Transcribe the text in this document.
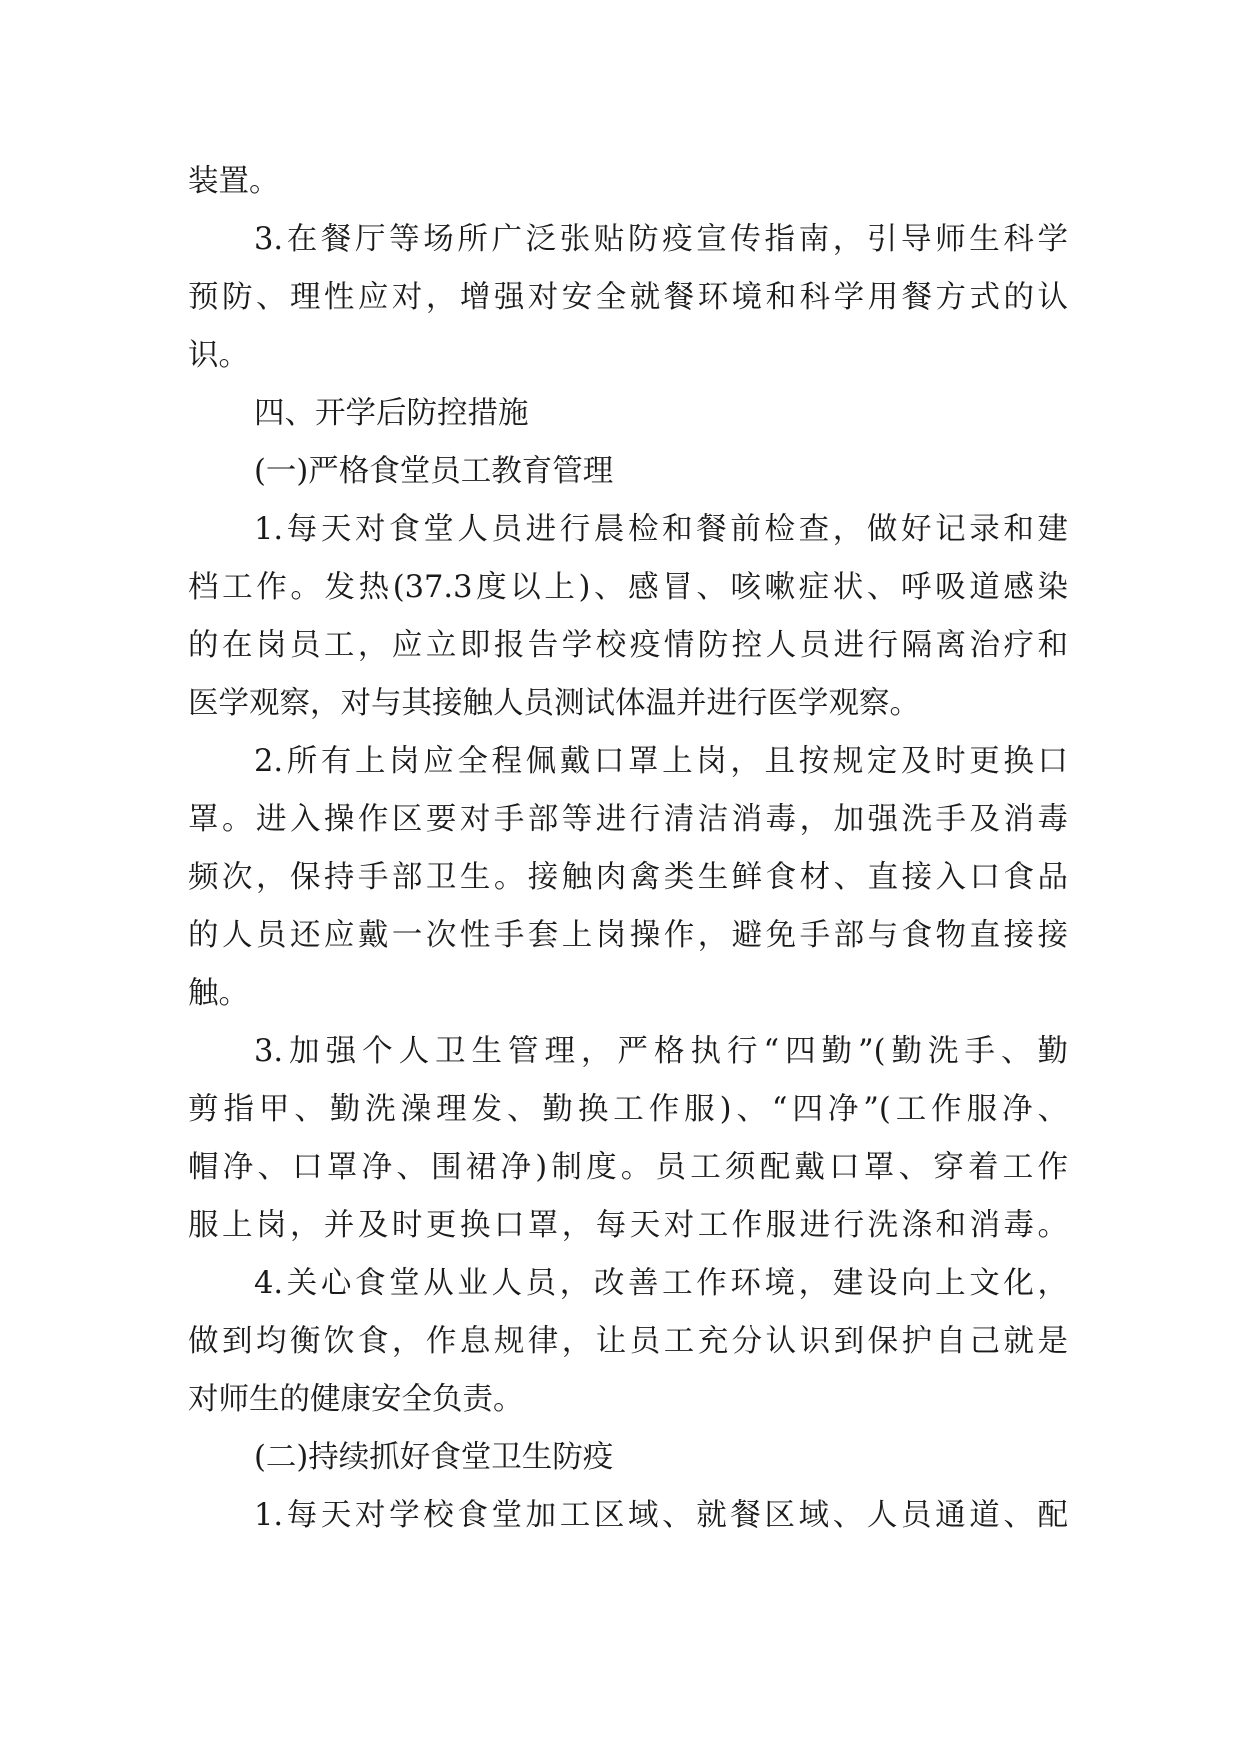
装置。
3.在餐厅等场所广泛张贴防疫宣传指南，引导师生科学
预防、理性应对，增强对安全就餐环境和科学用餐方式的认
识。
四、开学后防控措施
(一)严格食堂员工教育管理
1.每天对食堂人员进行晨检和餐前检查，做好记录和建
档工作。发热(37.3度以上)、感冒、咳嗽症状、呼吸道感染
的在岗员工，应立即报告学校疫情防控人员进行隔离治疗和
医学观察，对与其接触人员测试体温并进行医学观察。
2.所有上岗应全程佩戴口罩上岗，且按规定及时更换口
罩。进入操作区要对手部等进行清洁消毒，加强洗手及消毒
频次，保持手部卫生。接触肉禽类生鲜食材、直接入口食品
的人员还应戴一次性手套上岗操作，避免手部与食物直接接
触。
3.加强个人卫生管理，严格执行“四勤”(勤洗手、勤
剪指甲、勤洗澡理发、勤换工作服)、“四净”(工作服净、
帽净、口罩净、围裙净)制度。员工须配戴口罩、穿着工作
服上岗，并及时更换口罩，每天对工作服进行洗涤和消毒。
4.关心食堂从业人员，改善工作环境，建设向上文化，
做到均衡饮食，作息规律，让员工充分认识到保护自己就是
对师生的健康安全负责。
(二)持续抓好食堂卫生防疫
1.每天对学校食堂加工区域、就餐区域、人员通道、配
